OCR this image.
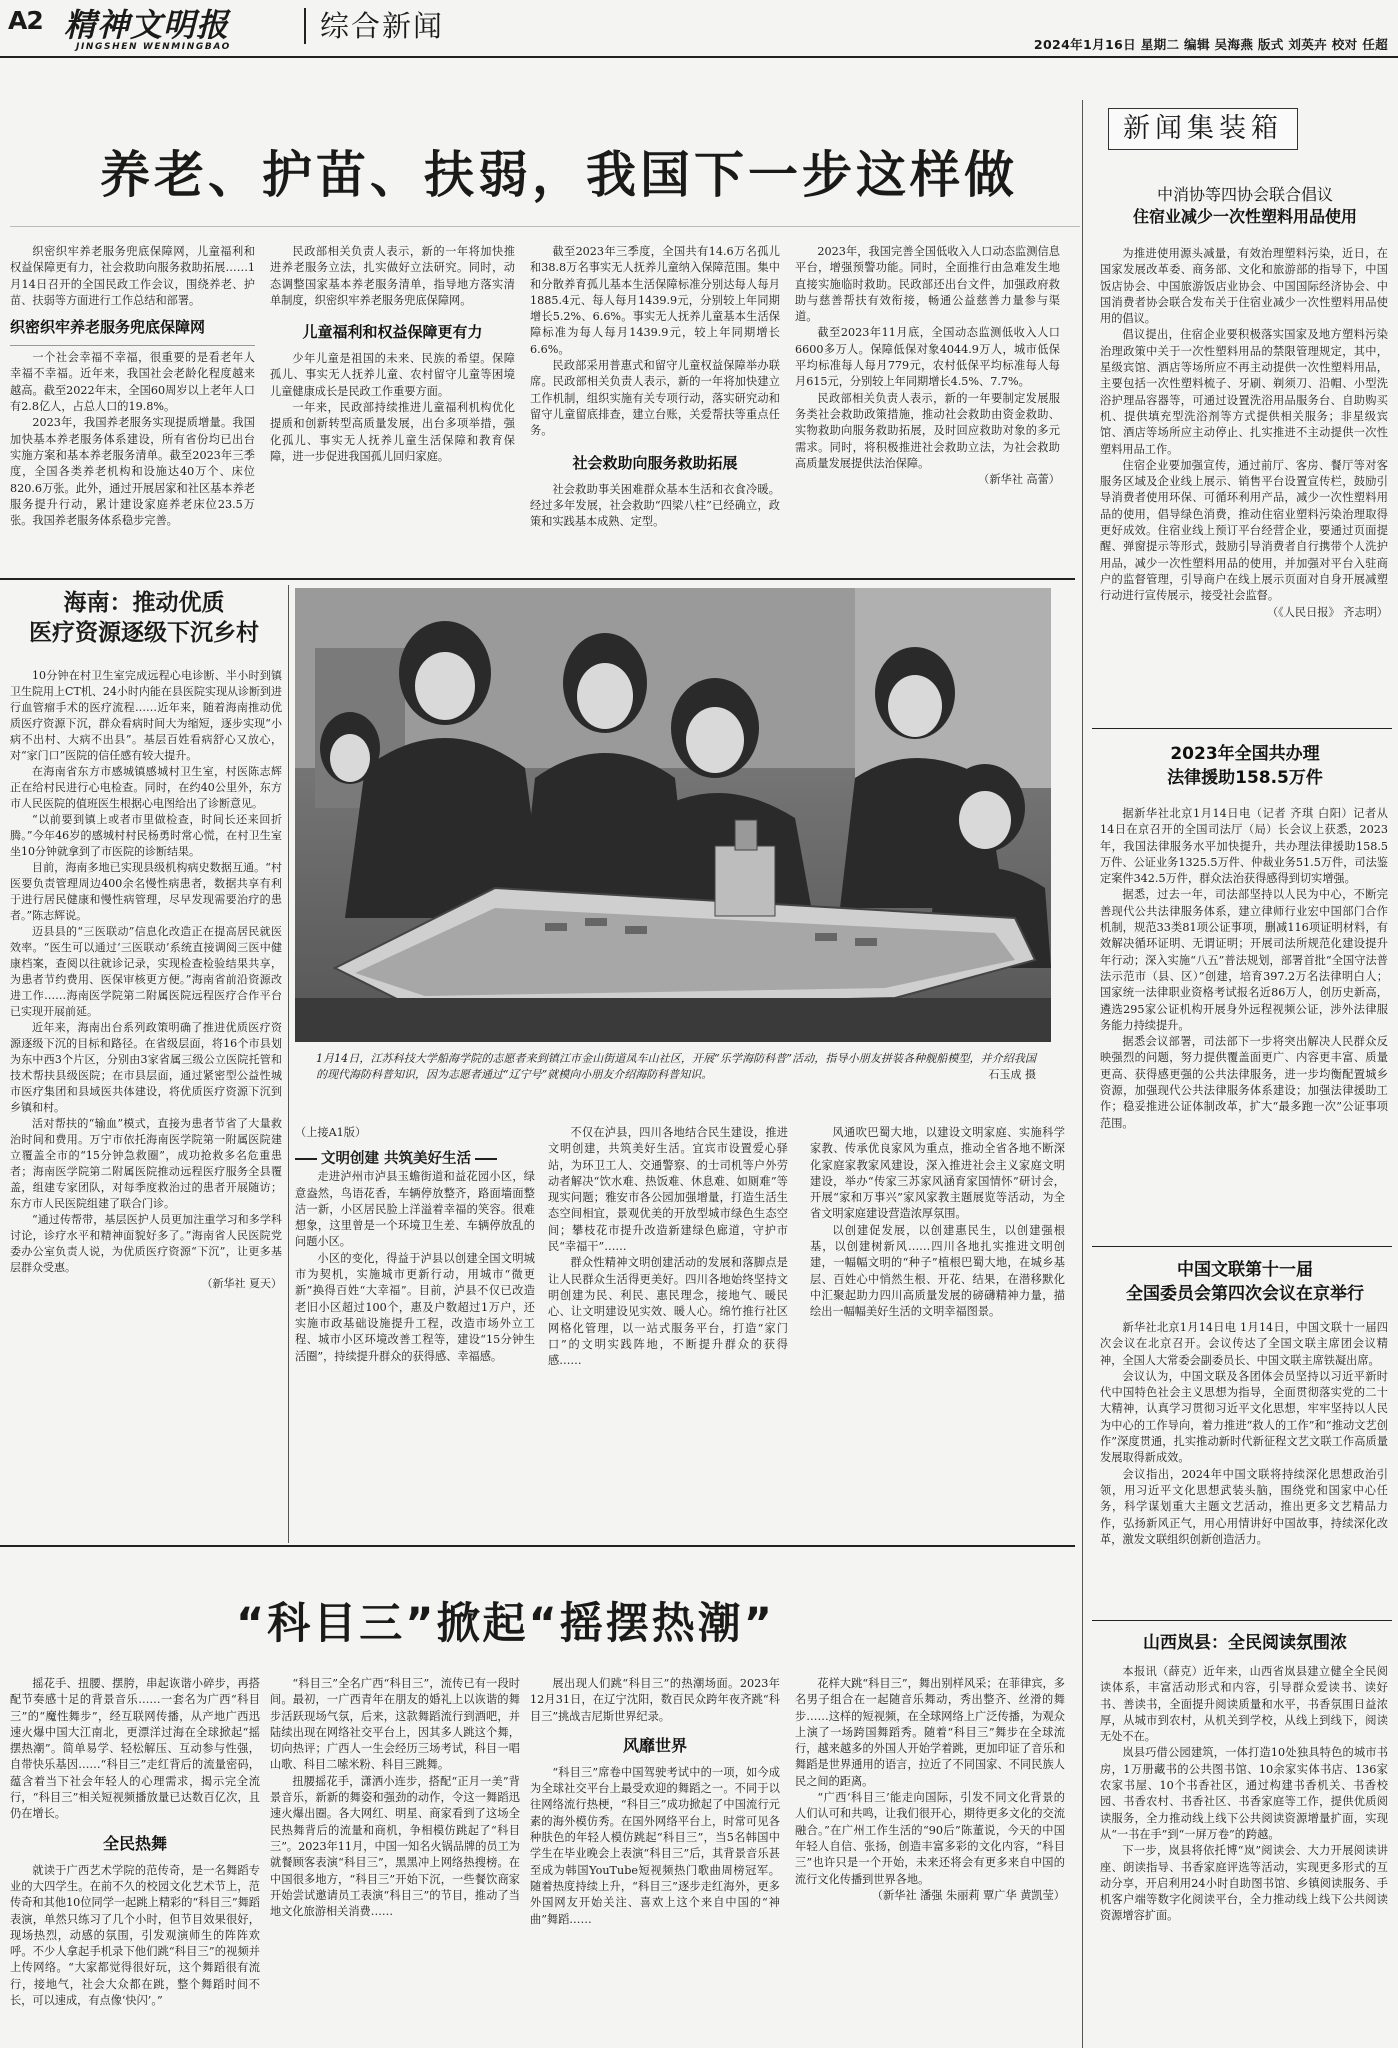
A2 精神文明报
JINGSHEN WENMINGBAO
综合新闻
2024年1月16日 星期二 编辑 吴海燕 版式 刘英卉 校对 任超
养老、护苗、扶弱，我国下一步这样做

织密织牢养老服务兜底保障网，儿童福利和权益保障更有力，社会救助向服务救助拓展……1月14日召开的全国民政工作会议，围绕养老、护苗、扶弱等方面进行工作总结和部署。

织密织牢养老服务兜底保障网

一个社会幸福不幸福，很重要的是看老年人幸福不幸福。近年来，我国社会老龄化程度越来越高。截至2022年末，全国60周岁以上老年人口有2.8亿人，占总人口的19.8%。

2023年，我国养老服务实现提质增量。我国加快基本养老服务体系建设，所有省份均已出台实施方案和基本养老服务清单。截至2023年三季度，全国各类养老机构和设施达40万个、床位820.6万张。此外，通过开展居家和社区基本养老服务提升行动，累计建设家庭养老床位23.5万张。我国养老服务体系稳步完善。

民政部相关负责人表示，新的一年将加快推进养老服务立法，扎实做好立法研究。同时，动态调整国家基本养老服务清单，指导地方落实清单制度，织密织牢养老服务兜底保障网。

儿童福利和权益保障更有力

少年儿童是祖国的未来、民族的希望。保障孤儿、事实无人抚养儿童、农村留守儿童等困境儿童健康成长是民政工作重要方面。

一年来，民政部持续推进儿童福利机构优化提质和创新转型高质量发展，出台多项举措，强化孤儿、事实无人抚养儿童生活保障和教育保障，进一步促进我国孤儿回归家庭。

截至2023年三季度，全国共有14.6万名孤儿和38.8万名事实无人抚养儿童纳入保障范围。集中和分散养育孤儿基本生活保障标准分别达每人每月1885.4元、每人每月1439.9元，分别较上年同期增长5.2%、6.6%。事实无人抚养儿童基本生活保障标准为每人每月1439.9元，较上年同期增长6.6%。

民政部采用普惠式和留守儿童权益保障举办联席。民政部相关负责人表示，新的一年将加快建立工作机制，组织实施有关专项行动，落实研究动和留守儿童留底排查，建立台账，关爱帮扶等重点任务。

社会救助向服务救助拓展

社会救助事关困难群众基本生活和衣食冷暖。经过多年发展，社会救助“四梁八柱”已经确立，政策和实践基本成熟、定型。

2023年，我国完善全国低收入人口动态监测信息平台，增强预警功能。同时，全面推行由急难发生地直接实施临时救助。民政部还出台文件，加强政府救助与慈善帮扶有效衔接，畅通公益慈善力量参与渠道。

截至2023年11月底，全国动态监测低收入人口6600多万人。保障低保对象4044.9万人，城市低保平均标准每人每月779元，农村低保平均标准每人每月615元，分别较上年同期增长4.5%、7.7%。

民政部相关负责人表示，新的一年要制定发展服务类社会救助政策措施，推动社会救助由资金救助、实物救助向服务救助拓展，及时回应救助对象的多元需求。同时，将积极推进社会救助立法，为社会救助高质量发展提供法治保障。

（新华社 高蕾）
海南：推动优质
医疗资源逐级下沉乡村

10分钟在村卫生室完成远程心电诊断、半小时到镇卫生院用上CT机、24小时内能在县医院实现从诊断到进行血管瘤手术的医疗流程……近年来，随着海南推动优质医疗资源下沉，群众看病时间大为缩短，逐步实现“小病不出村、大病不出县”。基层百姓看病舒心又放心，对“家门口”医院的信任感有较大提升。

在海南省东方市感城镇感城村卫生室，村医陈志辉正在给村民进行心电检查。同时，在约40公里外，东方市人民医院的值班医生根据心电图给出了诊断意见。

“以前要到镇上或者市里做检查，时间长还来回折腾。”今年46岁的感城村村民杨勇时常心慌，在村卫生室坐10分钟就拿到了市医院的诊断结果。

目前，海南多地已实现县级机构病史数据互通。“村医要负责管理周边400余名慢性病患者，数据共享有利于进行居民健康和慢性病管理，尽早发现需要治疗的患者。”陈志辉说。

迈县县的“三医联动”信息化改造正在提高居民就医效率。“医生可以通过‘三医联动’系统直接调阅三医中健康档案，查阅以往就诊记录，实现检查检验结果共享，为患者节约费用、医保审核更方便。”海南省前沿资源改进工作……海南医学院第二附属医院远程医疗合作平台已实现开展前延。

近年来，海南出台系列政策明确了推进优质医疗资源逐级下沉的目标和路径。在省级层面，将16个市县划为东中西3个片区，分别由3家省属三级公立医院托管和技术帮扶县级医院；在市县层面，通过紧密型公益性城市医疗集团和县域医共体建设，将优质医疗资源下沉到乡镇和村。

活对帮扶的“输血”模式，直接为患者节省了大量救治时间和费用。万宁市依托海南医学院第一附属医院建立覆盖全市的“15分钟急救圈”，成功抢救多名危重患者；海南医学院第二附属医院推动远程医疗服务全县覆盖，组建专家团队，对每季度救治过的患者开展随访；东方市人民医院组建了联合门诊。

“通过传帮带，基层医护人员更加注重学习和多学科讨论，诊疗水平和精神面貌好多了。”海南省人民医院党委办公室负责人说，为优质医疗资源“下沉”，让更多基层群众受惠。

（新华社 夏天）
1月14日，江苏科技大学船海学院的志愿者来到镇江市金山街道凤车山社区，开展“乐学海防科普”活动，指导小朋友拼装各种舰船模型，并介绍我国的现代海防科普知识，因为志愿者通过“辽宁号”就模向小朋友介绍海防科普知识。	石玉成 摄
（上接A1版）

走进泸州市泸县玉蟾街道和益花园小区，绿意盎然，鸟语花香，车辆停放整齐，路面墙面整洁一新，小区居民脸上洋溢着幸福的笑容。很难想象，这里曾是一个环境卫生差、车辆停放乱的问题小区。

小区的变化，得益于泸县以创建全国文明城市为契机，实施城市更新行动，用城市“微更新”换得百姓“大幸福”。目前，泸县不仅已改造老旧小区超过100个，惠及户数超过1万户，还实施市政基础设施提升工程，改造市场外立工程、城市小区环境改善工程等，建设“15分钟生活圈”，持续提升群众的获得感、幸福感。

文明创建 共筑美好生活

不仅在泸县，四川各地结合民生建设，推进文明创建，共筑美好生活。宜宾市设置爱心驿站，为环卫工人、交通警察、的士司机等户外劳动者解决“饮水难、热饭难、休息难、如厕难”等现实问题；雅安市各公园加强增量，打造生活生态空间相宜，景观优美的开放型城市绿色生态空间；攀枝花市提升改造新建绿色廊道，守护市民“幸福干”……

群众性精神文明创建活动的发展和落脚点是让人民群众生活得更美好。四川各地始终坚持文明创建为民、利民、惠民理念，接地气、暖民心、让文明建设见实效、暖人心。绵竹推行社区网格化管理，以一站式服务平台，打造“家门口”的文明实践阵地，不断提升群众的获得感……

风通吹巴蜀大地，以建设文明家庭、实施科学家教、传承优良家风为重点，推动全省各地不断深化家庭家教家风建设，深入推进社会主义家庭文明建设，举办“传家三苏家风涵育家国情怀”研讨会，开展“家和万事兴”家风家教主题展览等活动，为全省文明家庭建设营造浓厚氛围。

以创建促发展，以创建惠民生，以创建强根基，以创建树新风……四川各地扎实推进文明创建，一幅幅文明的“种子”植根巴蜀大地，在城乡基层、百姓心中悄然生根、开花、结果，在潜移默化中汇聚起助力四川高质量发展的磅礴精神力量，描绘出一幅幅美好生活的文明幸福图景。

“科目三”掀起“摇摆热潮”

摇花手、扭腰、摆胯，串起诙谐小碎步，再搭配节奏感十足的背景音乐……一套名为广西“科目三”的“魔性舞步”，经互联网传播，从产地广西迅速火爆中国大江南北，更漂洋过海在全球掀起“摇摆热潮”。简单易学、轻松解压、互动参与性强，自带快乐基因……“科目三”走红背后的流量密码，蕴含着当下社会年轻人的心理需求，揭示完全流行，“科目三”相关短视频播放量已达数百亿次，且仍在增长。

全民热舞

就读于广西艺术学院的范传奇，是一名舞蹈专业的大四学生。在前不久的校园文化艺术节上，范传奇和其他10位同学一起跳上精彩的“科目三”舞蹈表演，单然只练习了几个小时，但节目效果很好，现场热烈，动感的氛围，引发观演师生的阵阵欢呼。不少人拿起手机录下他们跳“科目三”的视频并上传网络。“大家都觉得很好玩，这个舞蹈很有流行，接地气，社会大众都在跳，整个舞蹈时间不长，可以速成，有点像‘快闪’。”

“科目三”全名广西“科目三”，流传已有一段时间。最初，一广西青年在朋友的婚礼上以诙谐的舞步活跃现场气氛，后来，这款舞蹈流行到酒吧，并陆续出现在网络社交平台上，因其多人跳这个舞，切向热评；广西人一生会经历三场考试，科目一唱山歌、科目二嗦米粉、科目三跳舞。

扭腰摇花手，潇洒小连步，搭配“正月一美”背景音乐，新新的舞姿和强劲的动作，令这一舞蹈迅速火爆出圈。各大网红、明星、商家看到了这场全民热舞背后的流量和商机，争相模仿跳起了“科目三”。2023年11月，中国一知名火锅品牌的员工为就餐顾客表演“科目三”，黑黑冲上网络热搜榜。在中国很多地方，“科目三”开始下沉，一些餐饮商家开始尝试邀请员工表演“科目三”的节目，推动了当地文化旅游相关消费……

展出现人们跳“科目三”的热潮场面。2023年12月31日，在辽宁沈阳，数百民众跨年夜齐跳“科目三”挑战吉尼斯世界纪录。

风靡世界

“科目三”席卷中国驾驶考试中的一项，如今成为全球社交平台上最受欢迎的舞蹈之一。不同于以往网络流行热梗，“科目三”成功掀起了中国流行元素的海外模仿秀。在国外网络平台上，时常可见各种肤色的年轻人模仿跳起“科目三”，当5名韩国中学生在毕业晚会上表演“科目三”后，其背景音乐甚至成为韩国YouTube短视频热门歌曲周榜冠军。随着热度持续上升，“科目三”逐步走红海外，更多外国网友开始关注、喜欢上这个来自中国的“神曲”舞蹈……

花样大跳“科目三”，舞出别样风采；在菲律宾，多名男子组合在一起随音乐舞动，秀出整齐、丝滑的舞步……这样的短视频，在全球网络上广泛传播，为观众上演了一场跨国舞蹈秀。随着“科目三”舞步在全球流行，越来越多的外国人开始学着跳，更加印证了音乐和舞蹈是世界通用的语言，拉近了不同国家、不同民族人民之间的距离。

“广西‘科目三’能走向国际，引发不同文化背景的人们认可和共鸣，让我们很开心，期待更多文化的交流融合。”在广州工作生活的“90后”陈董说，今天的中国年轻人自信、张扬，创造丰富多彩的文化内容，“科目三”也许只是一个开始，未来还将会有更多来自中国的流行文化传播到世界各地。

（新华社 潘强 朱丽莉 覃广华 黄凯莹）
新闻集装箱
中消协等四协会联合倡议
住宿业减少一次性塑料用品使用

为推进使用源头减量，有效治理塑料污染，近日，在国家发展改革委、商务部、文化和旅游部的指导下，中国饭店协会、中国旅游饭店业协会、中国国际经济协会、中国消费者协会联合发布关于住宿业减少一次性塑料用品使用的倡议。

倡议提出，住宿企业要积极落实国家及地方塑料污染治理政策中关于一次性塑料用品的禁限管理规定，其中，星级宾馆、酒店等场所应不再主动提供一次性塑料用品，主要包括一次性塑料梳子、牙刷、剃须刀、沿帽、小型洗浴护理品容器等，可通过设置洗浴用品服务台、自助购买机、提供填充型洗浴剂等方式提供相关服务；非星级宾馆、酒店等场所应主动停止、扎实推进不主动提供一次性塑料用品工作。

住宿企业要加强宣传，通过前厅、客房、餐厅等对客服务区域及企业线上展示、销售平台设置宣传栏，鼓励引导消费者使用环保、可循环利用产品，减少一次性塑料用品的使用，倡导绿色消费，推动住宿业塑料污染治理取得更好成效。住宿业线上预订平台经营企业，要通过页面提醒、弹窗提示等形式，鼓励引导消费者自行携带个人洗护用品，减少一次性塑料用品的使用，并加强对平台入驻商户的监督管理，引导商户在线上展示页面对自身开展减塑行动进行宣传展示，接受社会监督。

（《人民日报》 齐志明）
2023年全国共办理
法律援助158.5万件

据新华社北京1月14日电（记者 齐琪 白阳）记者从14日在京召开的全国司法厅（局）长会议上获悉，2023年，我国法律服务水平加快提升，共办理法律援助158.5万件、公证业务1325.5万件、仲裁业务51.5万件，司法鉴定案件342.5万件，群众法治获得感得到切实增强。

据悉，过去一年，司法部坚持以人民为中心，不断完善现代公共法律服务体系，建立律师行业宏中国部门合作机制，规范33类81项公证事项，删减116项证明材料，有效解决循环证明、无谓证明；开展司法所规范化建设提升年行动；深入实施“八五”普法规划，部署首批“全国守法普法示范市（县、区）”创建，培育397.2万名法律明白人；国家统一法律职业资格考试报名近86万人，创历史新高，遴选295家公证机构开展身外远程视频公证，涉外法律服务能力持续提升。

据悉会议部署，司法部下一步将突出解决人民群众反映强烈的问题，努力提供覆盖面更广、内容更丰富、质量更高、获得感更强的公共法律服务，进一步均衡配置城乡资源，加强现代公共法律服务体系建设；加强法律援助工作；稳妥推进公证体制改革，扩大“最多跑一次”公证事项范围。

中国文联第十一届
全国委员会第四次会议在京举行

新华社北京1月14日电 1月14日，中国文联十一届四次会议在北京召开。会议传达了全国文联主席团会议精神，全国人大常委会副委员长、中国文联主席铁凝出席。

会议认为，中国文联及各团体会员坚持以习近平新时代中国特色社会主义思想为指导，全面贯彻落实党的二十大精神，认真学习贯彻习近平文化思想，牢牢坚持以人民为中心的工作导向，着力推进“救人的工作”和“推动文艺创作”深度贯通，扎实推动新时代新征程文艺文联工作高质量发展取得新成效。

会议指出，2024年中国文联将持续深化思想政治引领，用习近平文化思想武装头脑，围绕党和国家中心任务，科学谋划重大主题文艺活动，推出更多文艺精品力作，弘扬新风正气，用心用情讲好中国故事，持续深化改革，激发文联组织创新创造活力。

山西岚县：全民阅读氛围浓

本报讯（薛克）近年来，山西省岚县建立健全全民阅读体系，丰富活动形式和内容，引导群众爱读书、读好书、善读书，全面提升阅读质量和水平，书香氛围日益浓厚，从城市到农村，从机关到学校，从线上到线下，阅读无处不在。

岚县巧借公园建筑，一体打造10处独具特色的城市书房，1万册藏书的公共图书馆、10余家实体书店、136家农家书屋、10个书香社区，通过构建书香机关、书香校园、书香农村、书香社区、书香家庭等工作，提供优质阅读服务，全力推动线上线下公共阅读资源增量扩面，实现从“一书在手”到“一屏万卷”的跨越。

下一步，岚县将依托博“岚”阅读会、大力开展阅读讲座、朗读指导、书香家庭评选等活动，实现更多形式的互动分享，开启利用24小时自助图书馆、乡镇阅读服务、手机客户端等数字化阅读平台，全力推动线上线下公共阅读资源增容扩面。
